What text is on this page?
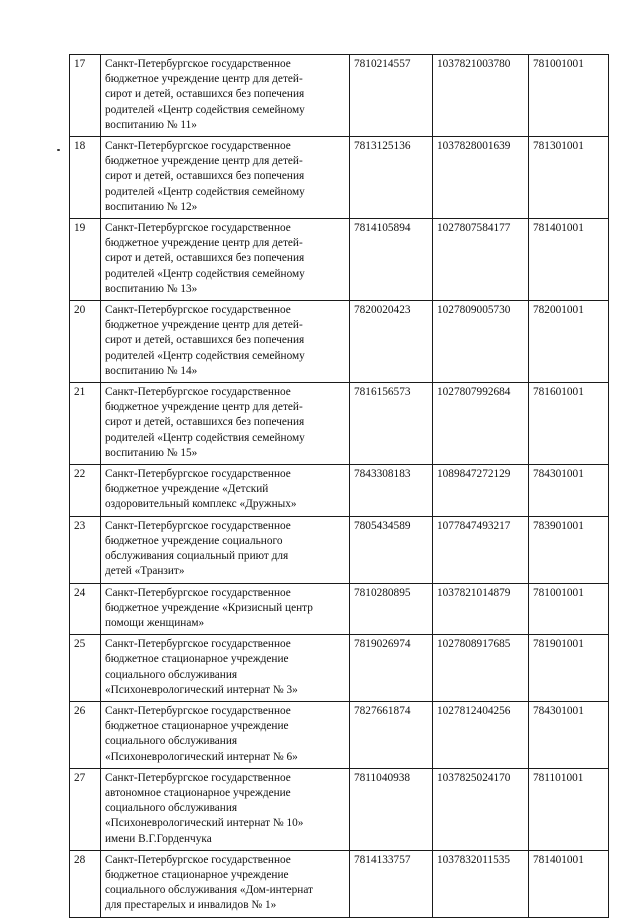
17	Санкт-Петербургское государственное
бюджетное учреждение центр для детей-
сирот и детей, оставшихся без попечения
родителей «Центр содействия семейному
воспитанию № 11»	7810214557	1037821003780	781001001
18	Санкт-Петербургское государственное
бюджетное учреждение центр для детей-
сирот и детей, оставшихся без попечения
родителей «Центр содействия семейному
воспитанию № 12»	7813125136	1037828001639	781301001
19	Санкт-Петербургское государственное
бюджетное учреждение центр для детей-
сирот и детей, оставшихся без попечения
родителей «Центр содействия семейному
воспитанию № 13»	7814105894	1027807584177	781401001
20	Санкт-Петербургское государственное
бюджетное учреждение центр для детей-
сирот и детей, оставшихся без попечения
родителей «Центр содействия семейному
воспитанию № 14»	7820020423	1027809005730	782001001
21	Санкт-Петербургское государственное
бюджетное учреждение центр для детей-
сирот и детей, оставшихся без попечения
родителей «Центр содействия семейному
воспитанию № 15»	7816156573	1027807992684	781601001
22	Санкт-Петербургское государственное
бюджетное учреждение «Детский
оздоровительный комплекс «Дружных»	7843308183	1089847272129	784301001
23	Санкт-Петербургское государственное
бюджетное учреждение социального
обслуживания социальный приют для
детей «Транзит»	7805434589	1077847493217	783901001
24	Санкт-Петербургское государственное
бюджетное учреждение «Кризисный центр
помощи женщинам»	7810280895	1037821014879	781001001
25	Санкт-Петербургское государственное
бюджетное стационарное учреждение
социального обслуживания
«Психоневрологический интернат № 3»	7819026974	1027808917685	781901001
26	Санкт-Петербургское государственное
бюджетное стационарное учреждение
социального обслуживания
«Психоневрологический интернат № 6»	7827661874	1027812404256	784301001
27	Санкт-Петербургское государственное
автономное стационарное учреждение
социального обслуживания
«Психоневрологический интернат № 10»
имени В.Г.Горденчука	7811040938	1037825024170	781101001
28	Санкт-Петербургское государственное
бюджетное стационарное учреждение
социального обслуживания «Дом-интернат
для престарелых и инвалидов № 1»	7814133757	1037832011535	781401001
